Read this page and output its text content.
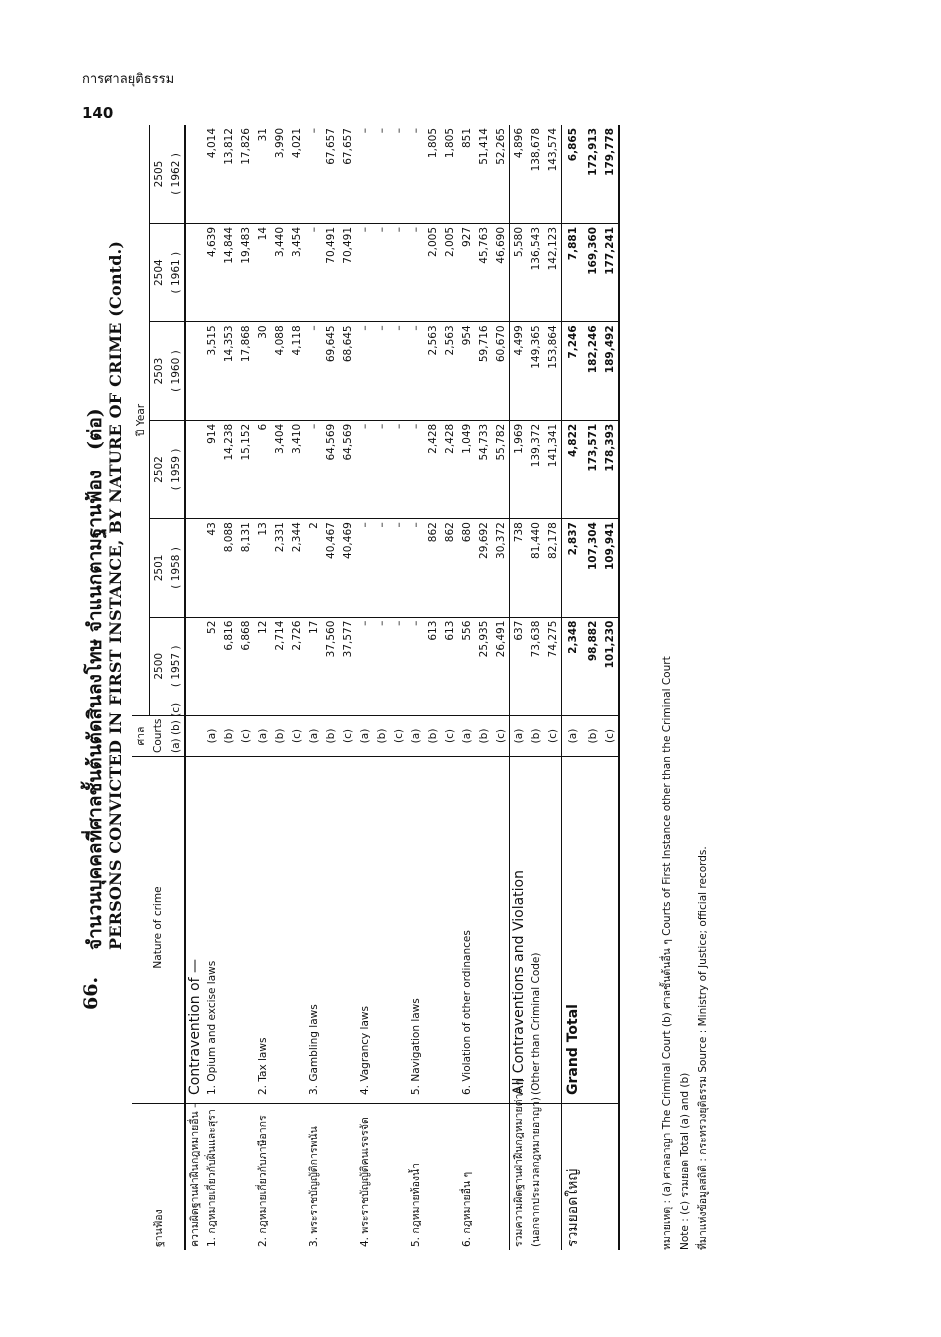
การศาลยุติธรรม
140
66.
จำนวนบุคคลที่ศาลชั้นต้นตัดสินลงโทษ จำแนกตามฐานฟ้อง
(ต่อ) PERSONS CONVICTED IN FIRST INSTANCE, BY NATURE OF CRIME (Contd.)
ฐานฟ้อง	Nature of crime	ศาล	ปี Year					
		Courts	2500	2501	2502	2503	2504	2505
		(a) (b) (c)	( 1957 )	( 1958 )	( 1959 )	( 1960 )	( 1961 )	( 1962 )
ความผิดฐานฝ่าฝืนกฎหมายอื่น –	Contravention of —							
1. กฎหมายเกี่ยวกับฝิ่นและสุรา	1. Opium and excise laws	(a)	52	43	914	3,515	4,639	4,014
		(b)	6,816	8,088	14,238	14,353	14,844	13,812
		(c)	6,868	8,131	15,152	17,868	19,483	17,826
2. กฎหมายเกี่ยวกับภาษีอากร	2. Tax laws	(a)	12	13	6	30	14	31
		(b)	2,714	2,331	3,404	4,088	3,440	3,990
		(c)	2,726	2,344	3,410	4,118	3,454	4,021
3. พระราชบัญญัติการพนัน	3. Gambling laws	(a)	17	2	–	–	–	–
		(b)	37,560	40,467	64,569	69,645	70,491	67,657
		(c)	37,577	40,469	64,569	68,645	70,491	67,657
4. พระราชบัญญัติคนเรจรจัด	4. Vagrancy laws	(a)	–	–	–	–	–	–
		(b)	–	–	–	–	–	–
		(c)	–	–	–	–	–	–
5. กฎหมายท้องน้ำ	5. Navigation laws	(a)	–	–	–	–	–	–
		(b)	613	862	2,428	2,563	2,005	1,805
		(c)	613	862	2,428	2,563	2,005	1,805
6. กฎหมายอื่น ๆ	6. Violation of other ordinances	(a)	556	680	1,049	954	927	851
		(b)	25,935	29,692	54,733	59,716	45,763	51,414
		(c)	26,491	30,372	55,782	60,670	46,690	52,265
รวมความผิดฐานฝ่าฝืนกฎหมายต่าง ๆ	All Contraventions and Violation	(a)	637	738	1,969	4,499	5,580	4,896
(นอกจากประมวลกฎหมายอาญา)	(Other than Criminal Code)	(b)	73,638	81,440	139,372	149,365	136,543	138,678
		(c)	74,275	82,178	141,341	153,864	142,123	143,574
รวมยอดใหญ่	Grand Total	(a)	2,348	2,837	4,822	7,246	7,881	6,865
		(b)	98,882	107,304	173,571	182,246	169,360	172,913
		(c)	101,230	109,941	178,393	189,492	177,241	179,778
หมายเหตุ : (a) ศาลอาญา The Criminal Court (b) ศาลชั้นต้นอื่น ๆ Courts of First Instance other than the Criminal Court Note : (c) รวมยอด Total (a) and (b) ที่มาแห่งข้อมูลสถิติ : กระทรวงยุติธรรม Source : Ministry of Justice; official records.
